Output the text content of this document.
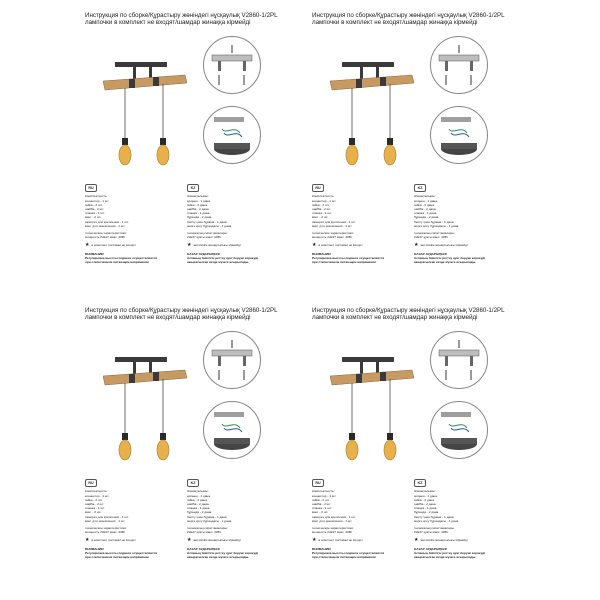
Инструкция по сборке/Құрастыру жөніндегі нұсқаулық V2860-1/2PL
лампочки в комплект не входят/шамдар жинаққа кірмейді
RU
Комплектность:
коннектор - 1 шт.
гайка - 2 шт.
шайба - 2 шт.
планка - 1 шт.
винт - 2 шт.
саморез для крепления - 1 шт.
винт для заземления - 1 шт.
технические характеристики:
мощность 2xE27 макс. 40Вт
★ в комплект поставки не входит
ВНИМАНИЕ!
Регулировка высоты подвеса осуществляется
при отключенном питающем напряжении
KZ
Жинақталымы:
қосқыш - 1 дана.
гайка - 2 дана.
шайба - 2 дана.
планка - 1 дана.
бұранда - 2 дана.
бекіту үшін бұрама - 1 дана.
жерге қосу бұрандасы - 1 дана.
техникалық сипаттамалары:
2xE27 қуаты макс. 40Вт.
★ жеткізілім жинақтылығы кірмейді
НАЗАР АУДАРЫҢЫЗ!
Аспаның биіктігін реттеу қуат беруші кернеуді
ажыратылған кезде жүзеге асырылады.
Инструкция по сборке/Құрастыру жөніндегі нұсқаулық V2860-1/2PL
лампочки в комплект не входят/шамдар жинаққа кірмейді
RU
Комплектность:
коннектор - 1 шт.
гайка - 2 шт.
шайба - 2 шт.
планка - 1 шт.
винт - 2 шт.
саморез для крепления - 1 шт.
винт для заземления - 1 шт.
технические характеристики:
мощность 2xE27 макс. 40Вт
★ в комплект поставки не входит
ВНИМАНИЕ!
Регулировка высоты подвеса осуществляется
при отключенном питающем напряжении
KZ
Жинақталымы:
қосқыш - 1 дана.
гайка - 2 дана.
шайба - 2 дана.
планка - 1 дана.
бұранда - 2 дана.
бекіту үшін бұрама - 1 дана.
жерге қосу бұрандасы - 1 дана.
техникалық сипаттамалары:
2xE27 қуаты макс. 40Вт.
★ жеткізілім жинақтылығы кірмейді
НАЗАР АУДАРЫҢЫЗ!
Аспаның биіктігін реттеу қуат беруші кернеуді
ажыратылған кезде жүзеге асырылады.
Инструкция по сборке/Құрастыру жөніндегі нұсқаулық V2860-1/2PL
лампочки в комплект не входят/шамдар жинаққа кірмейді
RU
Комплектность:
коннектор - 1 шт.
гайка - 2 шт.
шайба - 2 шт.
планка - 1 шт.
винт - 2 шт.
саморез для крепления - 1 шт.
винт для заземления - 1 шт.
технические характеристики:
мощность 2xE27 макс. 40Вт
★ в комплект поставки не входит
ВНИМАНИЕ!
Регулировка высоты подвеса осуществляется
при отключенном питающем напряжении
KZ
Жинақталымы:
қосқыш - 1 дана.
гайка - 2 дана.
шайба - 2 дана.
планка - 1 дана.
бұранда - 2 дана.
бекіту үшін бұрама - 1 дана.
жерге қосу бұрандасы - 1 дана.
техникалық сипаттамалары:
2xE27 қуаты макс. 40Вт.
★ жеткізілім жинақтылығы кірмейді
НАЗАР АУДАРЫҢЫЗ!
Аспаның биіктігін реттеу қуат беруші кернеуді
ажыратылған кезде жүзеге асырылады.
Инструкция по сборке/Құрастыру жөніндегі нұсқаулық V2860-1/2PL
лампочки в комплект не входят/шамдар жинаққа кірмейді
RU
Комплектность:
коннектор - 1 шт.
гайка - 2 шт.
шайба - 2 шт.
планка - 1 шт.
винт - 2 шт.
саморез для крепления - 1 шт.
винт для заземления - 1 шт.
технические характеристики:
мощность 2xE27 макс. 40Вт
★ в комплект поставки не входит
ВНИМАНИЕ!
Регулировка высоты подвеса осуществляется
при отключенном питающем напряжении
KZ
Жинақталымы:
қосқыш - 1 дана.
гайка - 2 дана.
шайба - 2 дана.
планка - 1 дана.
бұранда - 2 дана.
бекіту үшін бұрама - 1 дана.
жерге қосу бұрандасы - 1 дана.
техникалық сипаттамалары:
2xE27 қуаты макс. 40Вт.
★ жеткізілім жинақтылығы кірмейді
НАЗАР АУДАРЫҢЫЗ!
Аспаның биіктігін реттеу қуат беруші кернеуді
ажыратылған кезде жүзеге асырылады.
